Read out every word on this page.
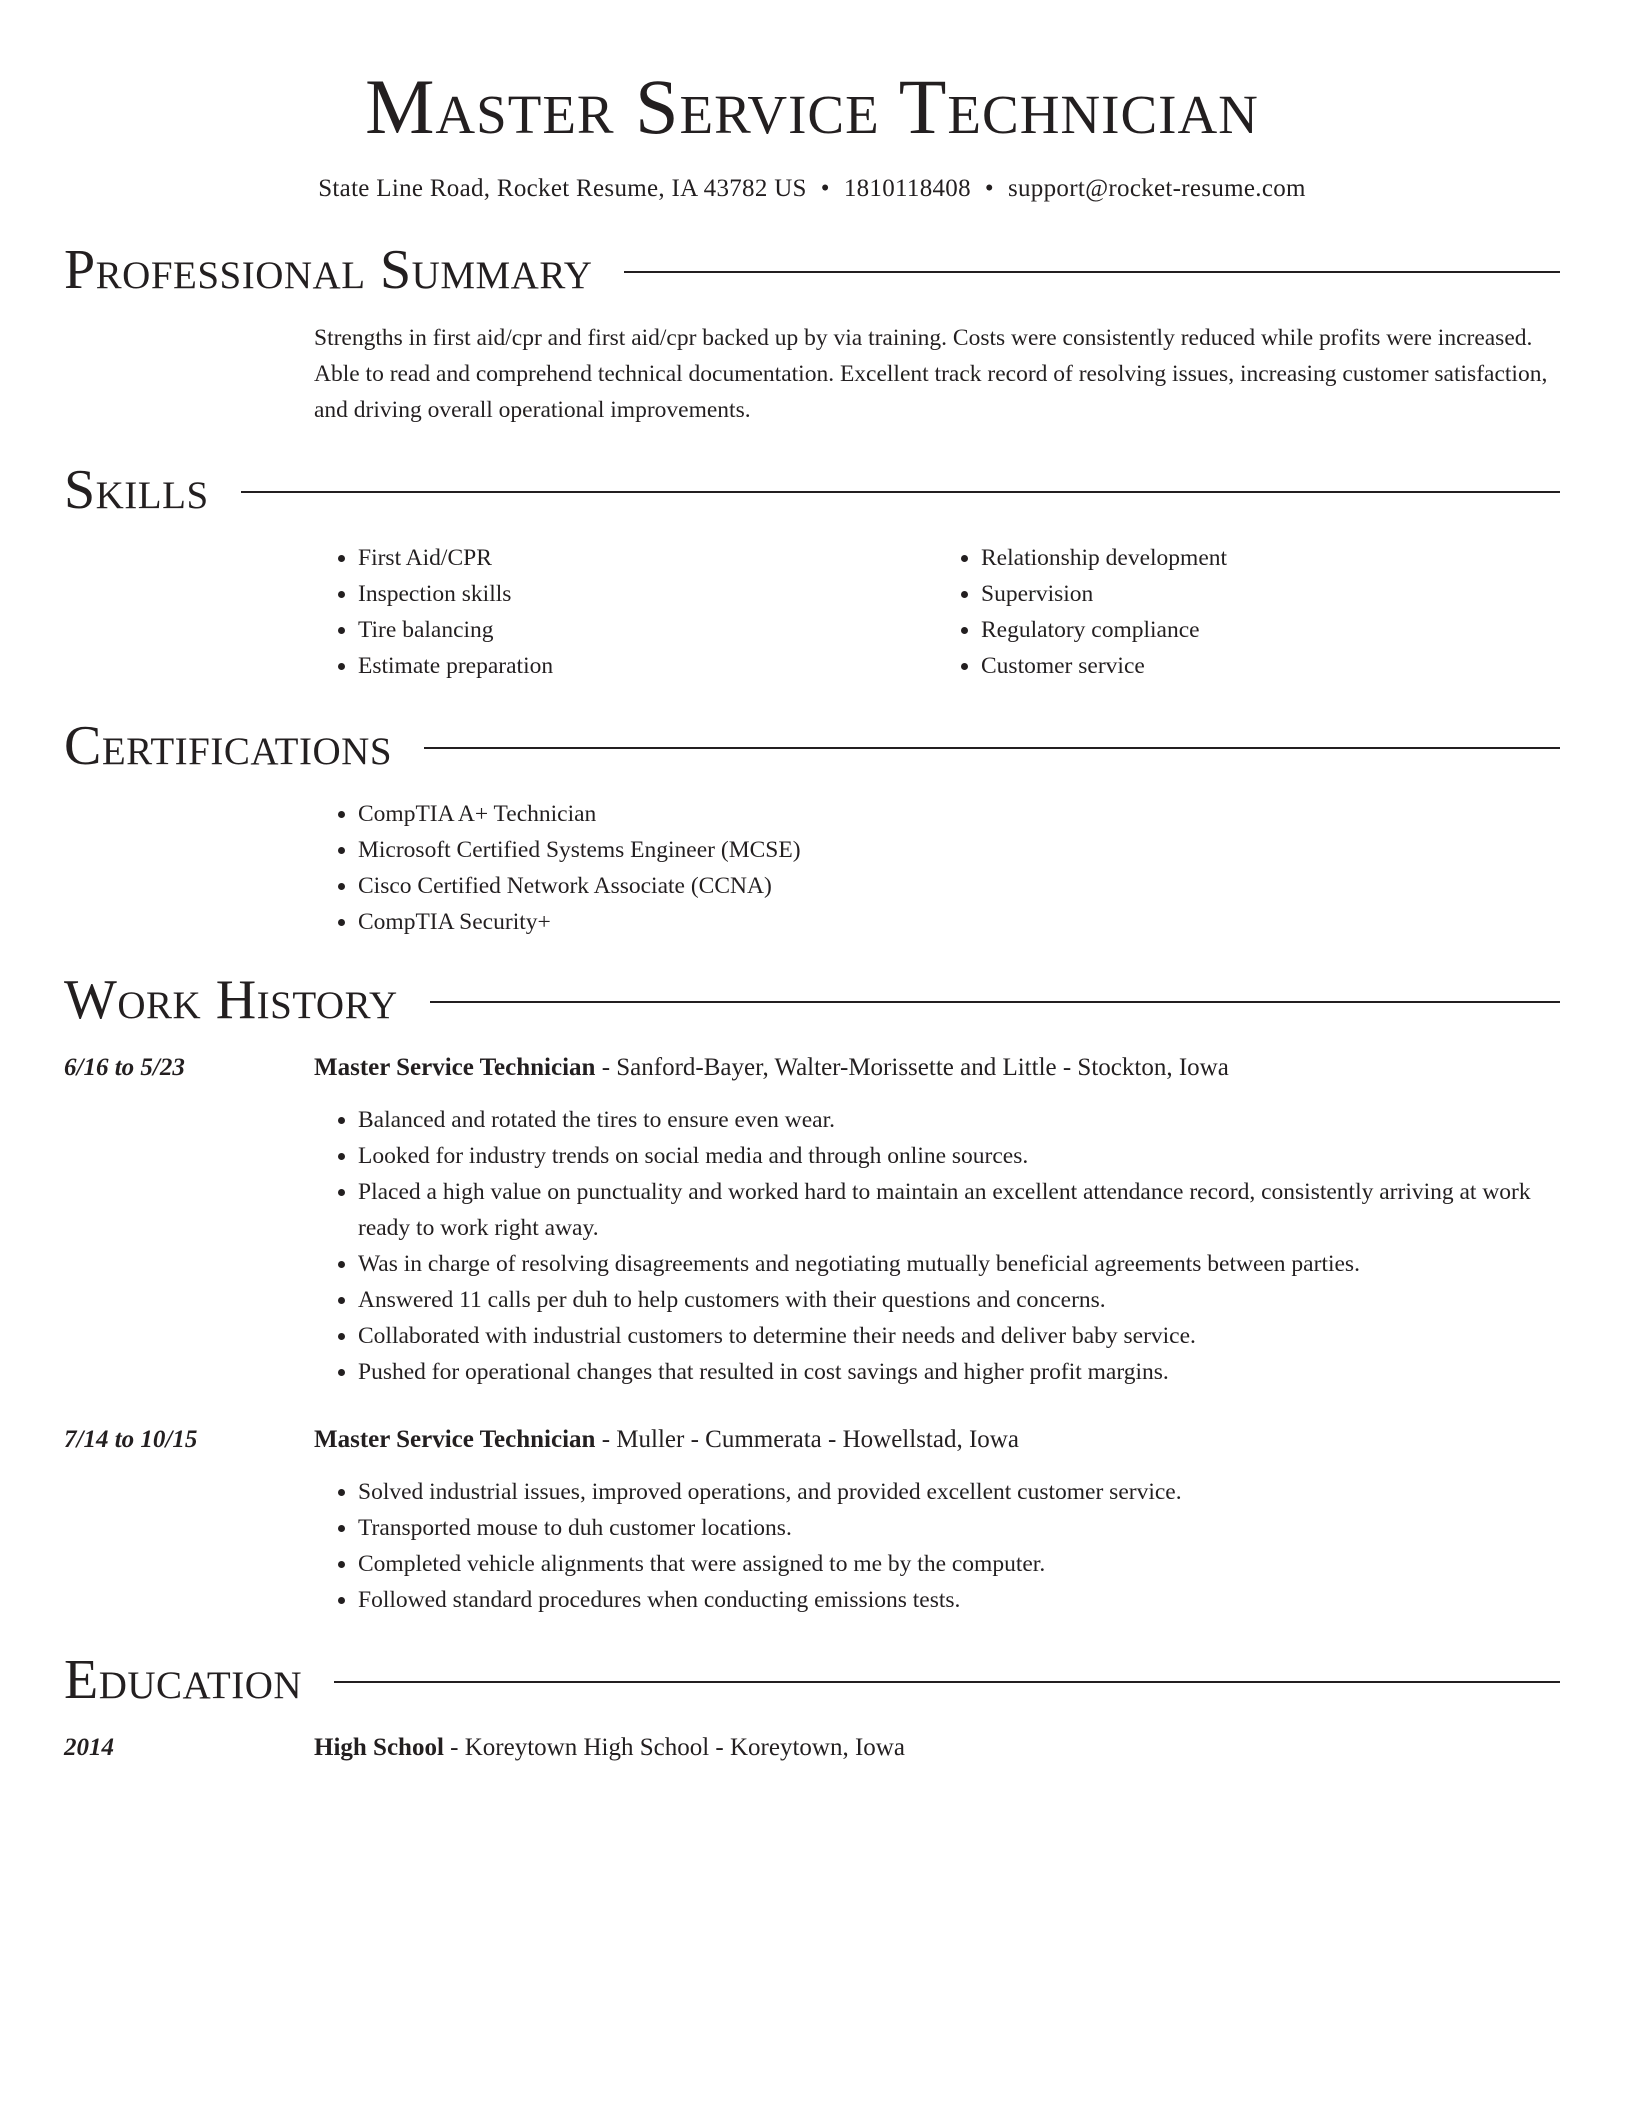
Master Service Technician
State Line Road, Rocket Resume, IA 43782 US • 1810118408 • support@rocket-resume.com
Professional Summary

Strengths in first aid/cpr and first aid/cpr backed up by via training. Costs were consistently reduced while profits were increased. Able to read and comprehend technical documentation. Excellent track record of resolving issues, increasing customer satisfaction, and driving overall operational improvements.

Skills
• First Aid/CPR
• Inspection skills
• Tire balancing
• Estimate preparation
• Relationship development
• Supervision
• Regulatory compliance
• Customer service
Certifications
• CompTIA A+ Technician
• Microsoft Certified Systems Engineer (MCSE)
• Cisco Certified Network Associate (CCNA)
• CompTIA Security+
Work History
6/16 to 5/23	Master Service Technician - Sanford-Bayer, Walter-Morissette and Little - Stockton, Iowa
• Balanced and rotated the tires to ensure even wear.
• Looked for industry trends on social media and through online sources.
• Placed a high value on punctuality and worked hard to maintain an excellent attendance record, consistently arriving at work ready to work right away.
• Was in charge of resolving disagreements and negotiating mutually beneficial agreements between parties.
• Answered 11 calls per duh to help customers with their questions and concerns.
• Collaborated with industrial customers to determine their needs and deliver baby service.
• Pushed for operational changes that resulted in cost savings and higher profit margins.
7/14 to 10/15	Master Service Technician - Muller - Cummerata - Howellstad, Iowa
• Solved industrial issues, improved operations, and provided excellent customer service.
• Transported mouse to duh customer locations.
• Completed vehicle alignments that were assigned to me by the computer.
• Followed standard procedures when conducting emissions tests.
Education
2014	High School - Koreytown High School - Koreytown, Iowa
